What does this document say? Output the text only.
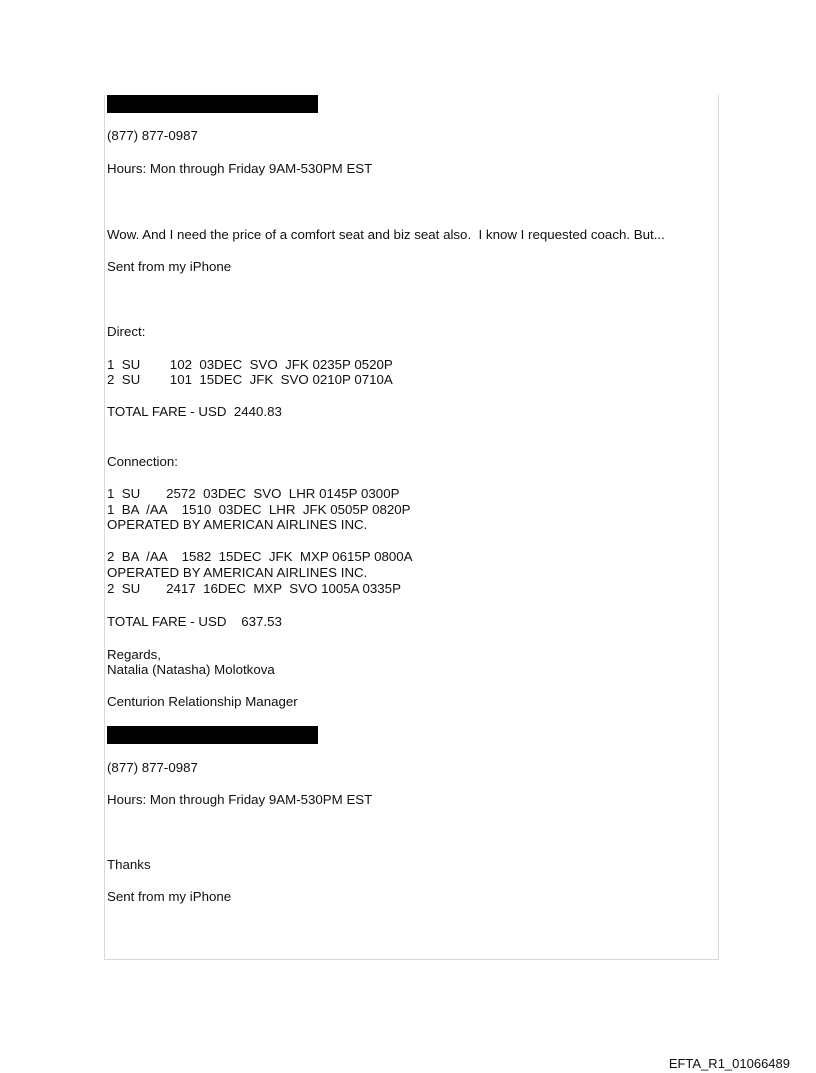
(877) 877-0987
Hours: Mon through Friday 9AM-530PM EST
Wow. And I need the price of a comfort seat and biz seat also.  I know I requested coach. But...
Sent from my iPhone
Direct:
1  SU        102  03DEC  SVO  JFK 0235P 0520P
2  SU        101  15DEC  JFK  SVO 0210P 0710A
TOTAL FARE - USD  2440.83
Connection:
1  SU       2572  03DEC  SVO  LHR 0145P 0300P
1  BA  /AA    1510  03DEC  LHR  JFK 0505P 0820P
OPERATED BY AMERICAN AIRLINES INC.
2  BA  /AA    1582  15DEC  JFK  MXP 0615P 0800A
OPERATED BY AMERICAN AIRLINES INC.
2  SU       2417  16DEC  MXP  SVO 1005A 0335P
TOTAL FARE - USD    637.53
Regards,
Natalia (Natasha) Molotkova
Centurion Relationship Manager
(877) 877-0987
Hours: Mon through Friday 9AM-530PM EST
Thanks
Sent from my iPhone
EFTA_R1_01066489
